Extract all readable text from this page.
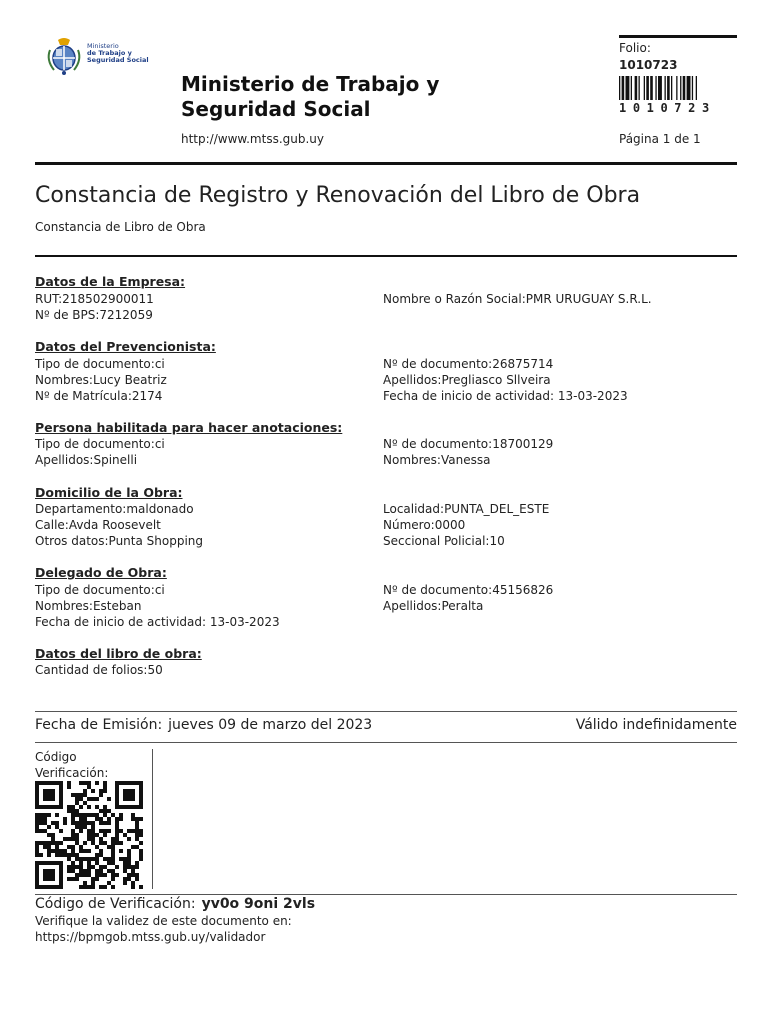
Ministerio
de Trabajo y
Seguridad Social
Ministerio de Trabajo y
Seguridad Social
http://www.mtss.gub.uy
Folio:
1010723
1010723
Página 1 de 1
Constancia de Registro y Renovación del Libro de Obra
Constancia de Libro de Obra
Datos de la Empresa:
RUT:218502900011
Nº de BPS:7212059
Nombre o Razón Social:PMR URUGUAY S.R.L.
Datos del Prevencionista:
Tipo de documento:ci
Nombres:Lucy Beatriz
Nº de Matrícula:2174
Nº de documento:26875714
Apellidos:Pregliasco Sllveira
Fecha de inicio de actividad: 13-03-2023
Persona habilitada para hacer anotaciones:
Tipo de documento:ci
Apellidos:Spinelli
Nº de documento:18700129
Nombres:Vanessa
Domicilio de la Obra:
Departamento:maldonado
Calle:Avda Roosevelt
Otros datos:Punta Shopping
Localidad:PUNTA_DEL_ESTE
Número:0000
Seccional Policial:10
Delegado de Obra:
Tipo de documento:ci
Nombres:Esteban
Fecha de inicio de actividad: 13-03-2023
Nº de documento:45156826
Apellidos:Peralta
Datos del libro de obra:
Cantidad de folios:50
Fecha de Emisión: jueves 09 de marzo del 2023	Válido indefinidamente
Código
Verificación:
Código de Verificación: yv0o 9oni 2vls
Verifique la validez de este documento en:
https://bpmgob.mtss.gub.uy/validador
